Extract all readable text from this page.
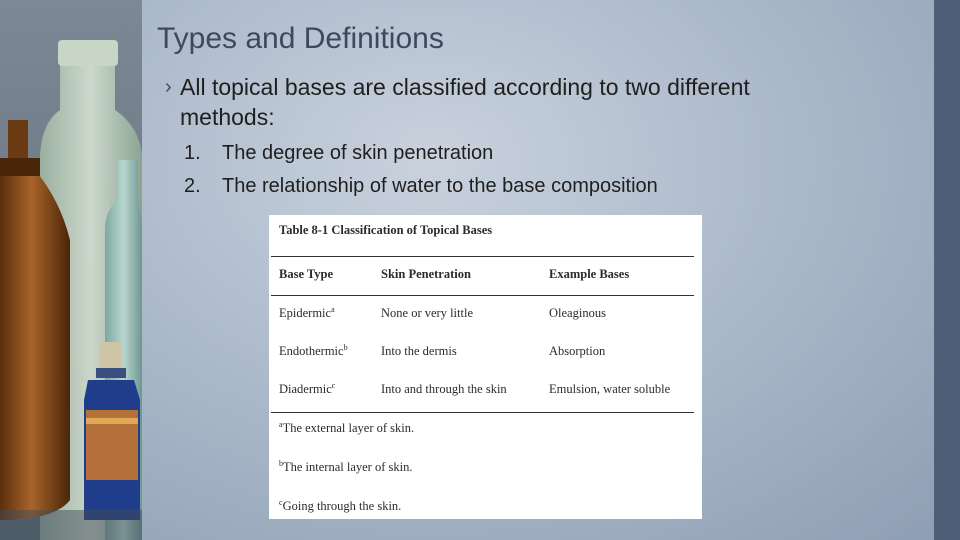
Types and Definitions
› All topical bases are classified according to two different methods:
1. The degree of skin penetration
2. The relationship of water to the base composition
Table 8-1 Classification of Topical Bases
Base Type	Skin Penetration	Example Bases
Epidermic$^a$	None or very little	Oleaginous
Endothermic$^b$	Into the dermis	Absorption
Diadermic$^c$	Into and through the skin	Emulsion, water soluble
$^a$The external layer of skin.
$^b$The internal layer of skin.
$^c$Going through the skin.
